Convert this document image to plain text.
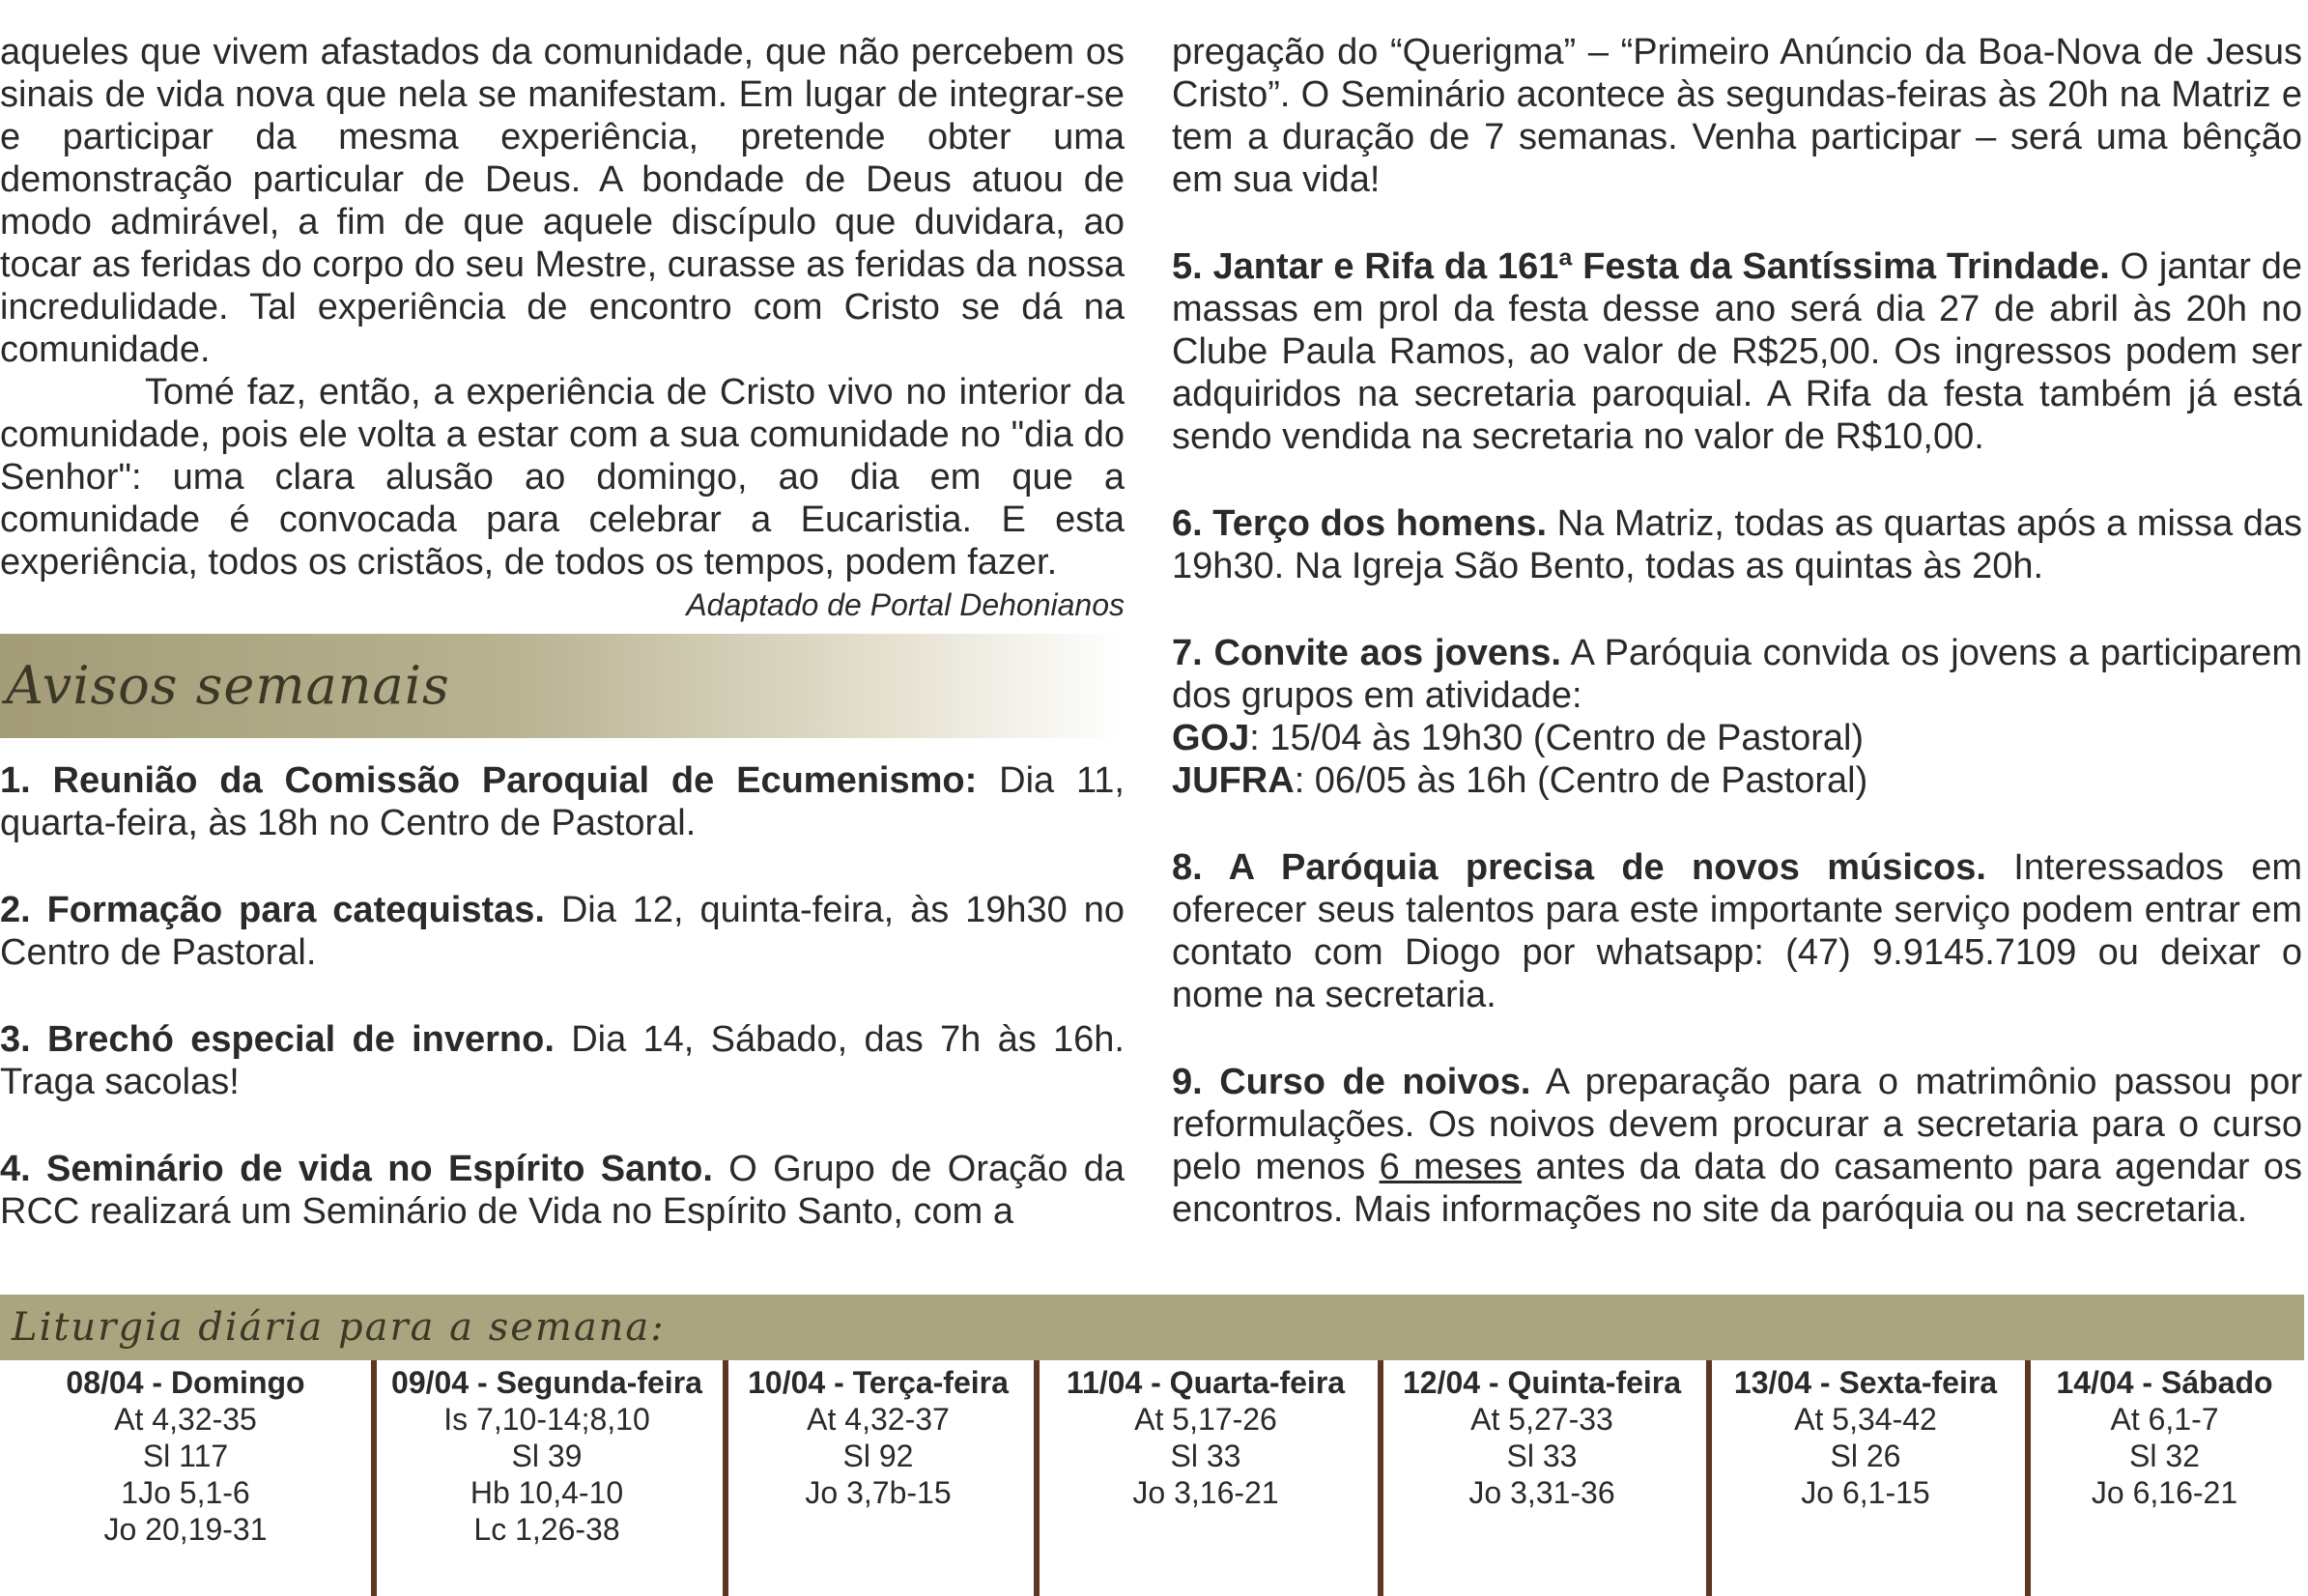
aqueles que vivem afastados da comunidade, que não percebem os sinais de vida nova que nela se manifestam. Em lugar de integrar-se e participar da mesma experiência, pretende obter uma demonstração particular de Deus. A bondade de Deus atuou de modo admirável, a fim de que aquele discípulo que duvidara, ao tocar as feridas do corpo do seu Mestre, curasse as feridas da nossa incredulidade. Tal experiência de encontro com Cristo se dá na comunidade.

Tomé faz, então, a experiência de Cristo vivo no interior da comunidade, pois ele volta a estar com a sua comunidade no "dia do Senhor": uma clara alusão ao domingo, ao dia em que a comunidade é convocada para celebrar a Eucaristia. E esta experiência, todos os cristãos, de todos os tempos, podem fazer.

Adaptado de Portal Dehonianos
Avisos semanais

1. Reunião da Comissão Paroquial de Ecumenismo: Dia 11, quarta-feira, às 18h no Centro de Pastoral.

2. Formação para catequistas. Dia 12, quinta-feira, às 19h30 no Centro de Pastoral.

3. Brechó especial de inverno. Dia 14, Sábado, das 7h às 16h. Traga sacolas!

4. Seminário de vida no Espírito Santo. O Grupo de Oração da RCC realizará um Seminário de Vida no Espírito Santo, com a

pregação do “Querigma” – “Primeiro Anúncio da Boa-Nova de Jesus Cristo”. O Seminário acontece às segundas-feiras às 20h na Matriz e tem a duração de 7 semanas. Venha participar – será uma bênção em sua vida!

5. Jantar e Rifa da 161ª Festa da Santíssima Trindade. O jantar de massas em prol da festa desse ano será dia 27 de abril às 20h no Clube Paula Ramos, ao valor de R$25,00. Os ingressos podem ser adquiridos na secretaria paroquial. A Rifa da festa também já está sendo vendida na secretaria no valor de R$10,00.

6. Terço dos homens. Na Matriz, todas as quartas após a missa das 19h30. Na Igreja São Bento, todas as quintas às 20h.

7. Convite aos jovens. A Paróquia convida os jovens a participarem dos grupos em atividade:

GOJ: 15/04 às 19h30 (Centro de Pastoral)

JUFRA: 06/05 às 16h (Centro de Pastoral)

8. A Paróquia precisa de novos músicos. Interessados em oferecer seus talentos para este importante serviço podem entrar em contato com Diogo por whatsapp: (47) 9.9145.7109 ou deixar o nome na secretaria.

9. Curso de noivos. A preparação para o matrimônio passou por reformulações. Os noivos devem procurar a secretaria para o curso pelo menos 6 meses antes da data do casamento para agendar os encontros. Mais informações no site da paróquia ou na secretaria.

Liturgia diária para a semana:
08/04 - Domingo
At 4,32-35
Sl 117
1Jo 5,1-6
Jo 20,19-31
09/04 - Segunda-feira
Is 7,10-14;8,10
Sl 39
Hb 10,4-10
Lc 1,26-38
10/04 - Terça-feira
At 4,32-37
Sl 92
Jo 3,7b-15
11/04 - Quarta-feira
At 5,17-26
Sl 33
Jo 3,16-21
12/04 - Quinta-feira
At 5,27-33
Sl 33
Jo 3,31-36
13/04 - Sexta-feira
At 5,34-42
Sl 26
Jo 6,1-15
14/04 - Sábado
At 6,1-7
Sl 32
Jo 6,16-21
